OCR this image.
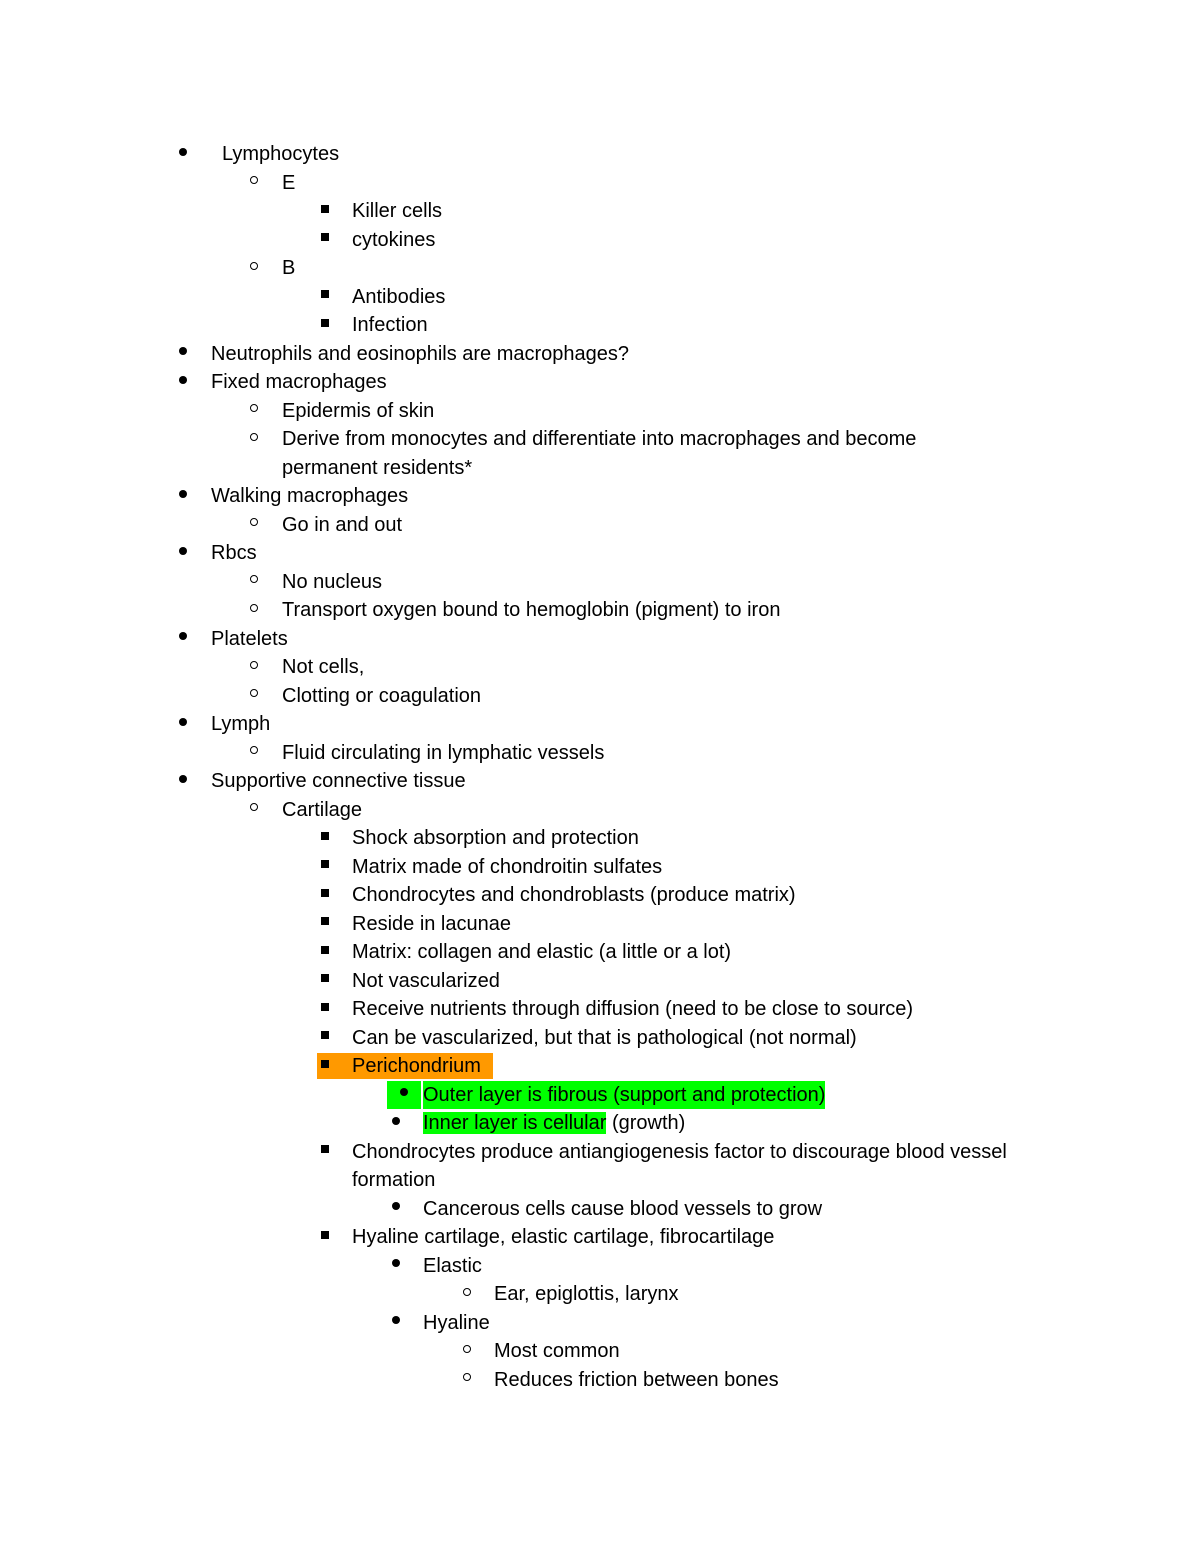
Lymphocytes
E
Killer cells
cytokines
B
Antibodies
Infection
Neutrophils and eosinophils are macrophages?
Fixed macrophages
Epidermis of skin
Derive from monocytes and differentiate into macrophages and become
permanent residents*
Walking macrophages
Go in and out
Rbcs
No nucleus
Transport oxygen bound to hemoglobin (pigment) to iron
Platelets
Not cells,
Clotting or coagulation
Lymph
Fluid circulating in lymphatic vessels
Supportive connective tissue
Cartilage
Shock absorption and protection
Matrix made of chondroitin sulfates
Chondrocytes and chondroblasts (produce matrix)
Reside in lacunae
Matrix: collagen and elastic (a little or a lot)
Not vascularized
Receive nutrients through diffusion (need to be close to source)
Can be vascularized, but that is pathological (not normal)
Perichondrium
Outer layer is fibrous (support and protection)
Inner layer is cellular (growth)
Chondrocytes produce antiangiogenesis factor to discourage blood vessel
formation
Cancerous cells cause blood vessels to grow
Hyaline cartilage, elastic cartilage, fibrocartilage
Elastic
Ear, epiglottis, larynx
Hyaline
Most common
Reduces friction between bones
